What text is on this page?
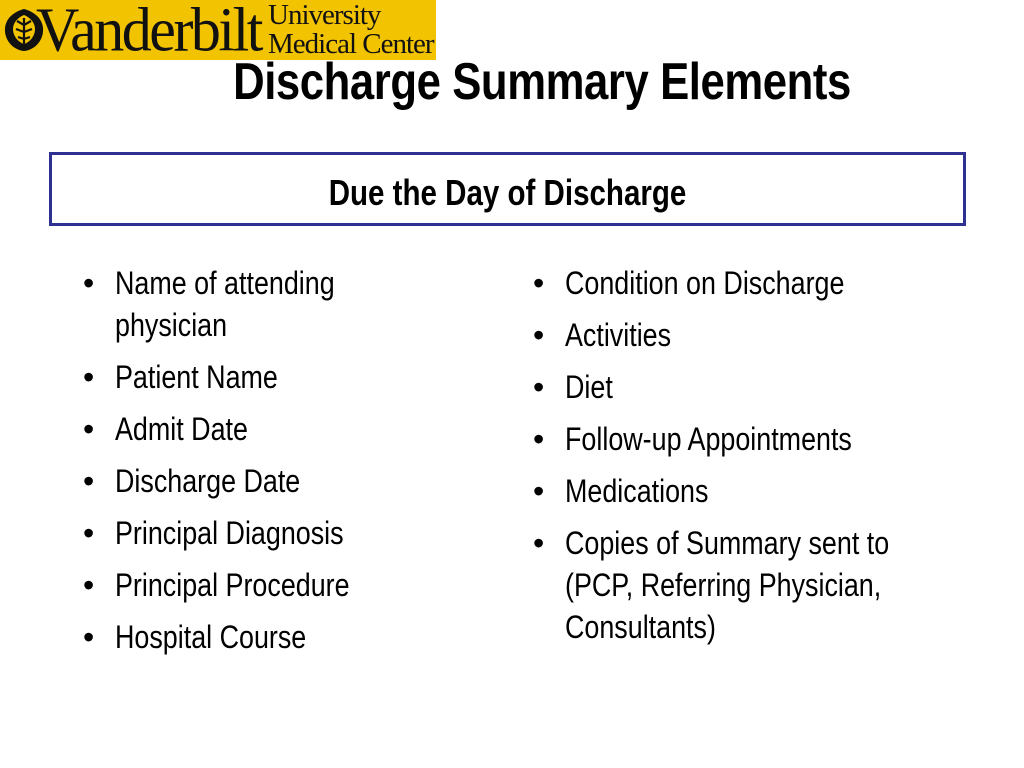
Vanderbilt University
Medical Center
Discharge Summary Elements
Due the Day of Discharge
• Name of attending physician
• Patient Name
• Admit Date
• Discharge Date
• Principal Diagnosis
• Principal Procedure
• Hospital Course
• Condition on Discharge
• Activities
• Diet
• Follow-up Appointments
• Medications
• Copies of Summary sent to (PCP, Referring Physician, Consultants)
